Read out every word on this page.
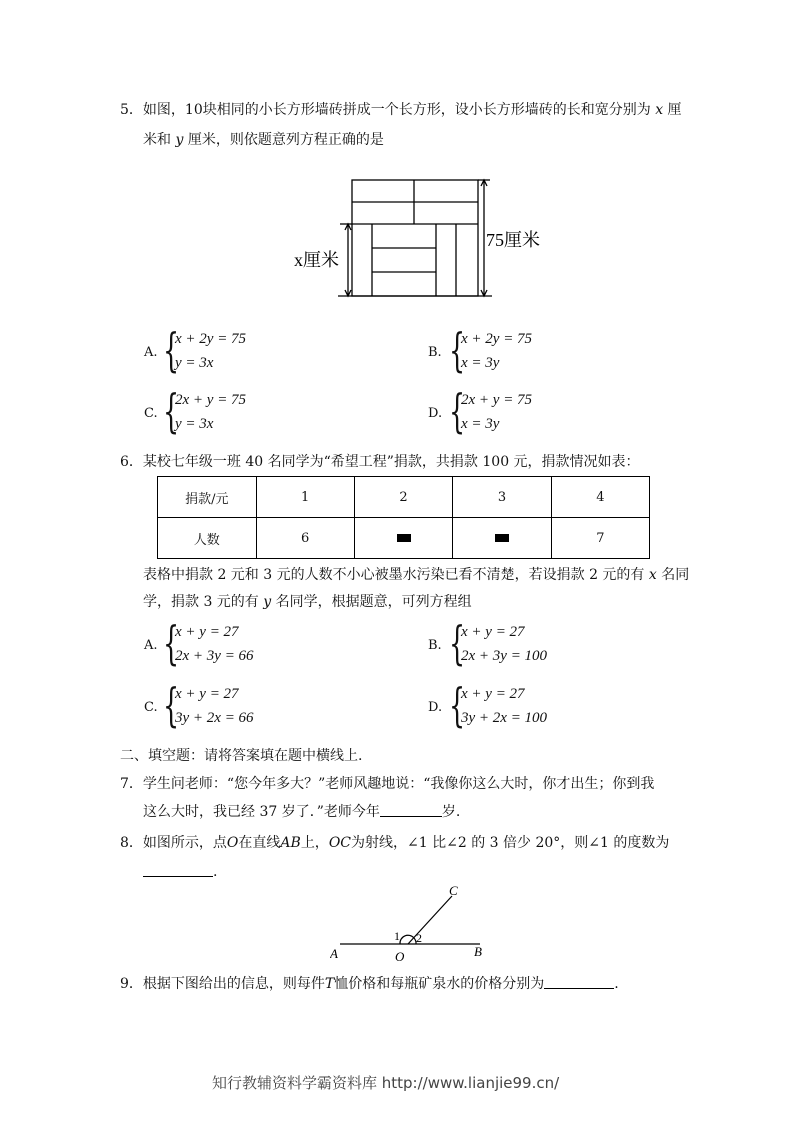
5．如图，10块相同的小长方形墙砖拼成一个长方形，设小长方形墙砖的长和宽分别为 x 厘
米和 y 厘米，则依题意列方程正确的是
x厘米
75厘米
A. {
x + 2y = 75
y = 3x
B. {
x + 2y = 75
x = 3y
C. {
2x + y = 75
y = 3x
D. {
2x + y = 75
x = 3y
6．某校七年级一班 40 名同学为“希望工程”捐款，共捐款 100 元，捐款情况如表：
捐款/元	1	2	3	4
人数	6			7
表格中捐款 2 元和 3 元的人数不小心被墨水污染已看不清楚，若设捐款 2 元的有 x 名同
学，捐款 3 元的有 y 名同学，根据题意，可列方程组
A. {
x + y = 27
2x + 3y = 66
B. {
x + y = 27
2x + 3y = 100
C. {
x + y = 27
3y + 2x = 66
D. {
x + y = 27
3y + 2x = 100
二、填空题：请将答案填在题中横线上.
7．学生问老师：“您今年多大？”老师风趣地说：“我像你这么大时，你才出生；你到我
这么大时，我已经 37 岁了．”老师今年	岁.
8．如图所示，点O在直线AB上，OC为射线，∠1 比∠2 的 3 倍少 20°，则∠1 的度数为
.
C
A	O	B
1 2
9．根据下图给出的信息，则每件T恤价格和每瓶矿泉水的价格分别为	.
知行教辅资料学霸资料库 http://www.lianjie99.cn/
